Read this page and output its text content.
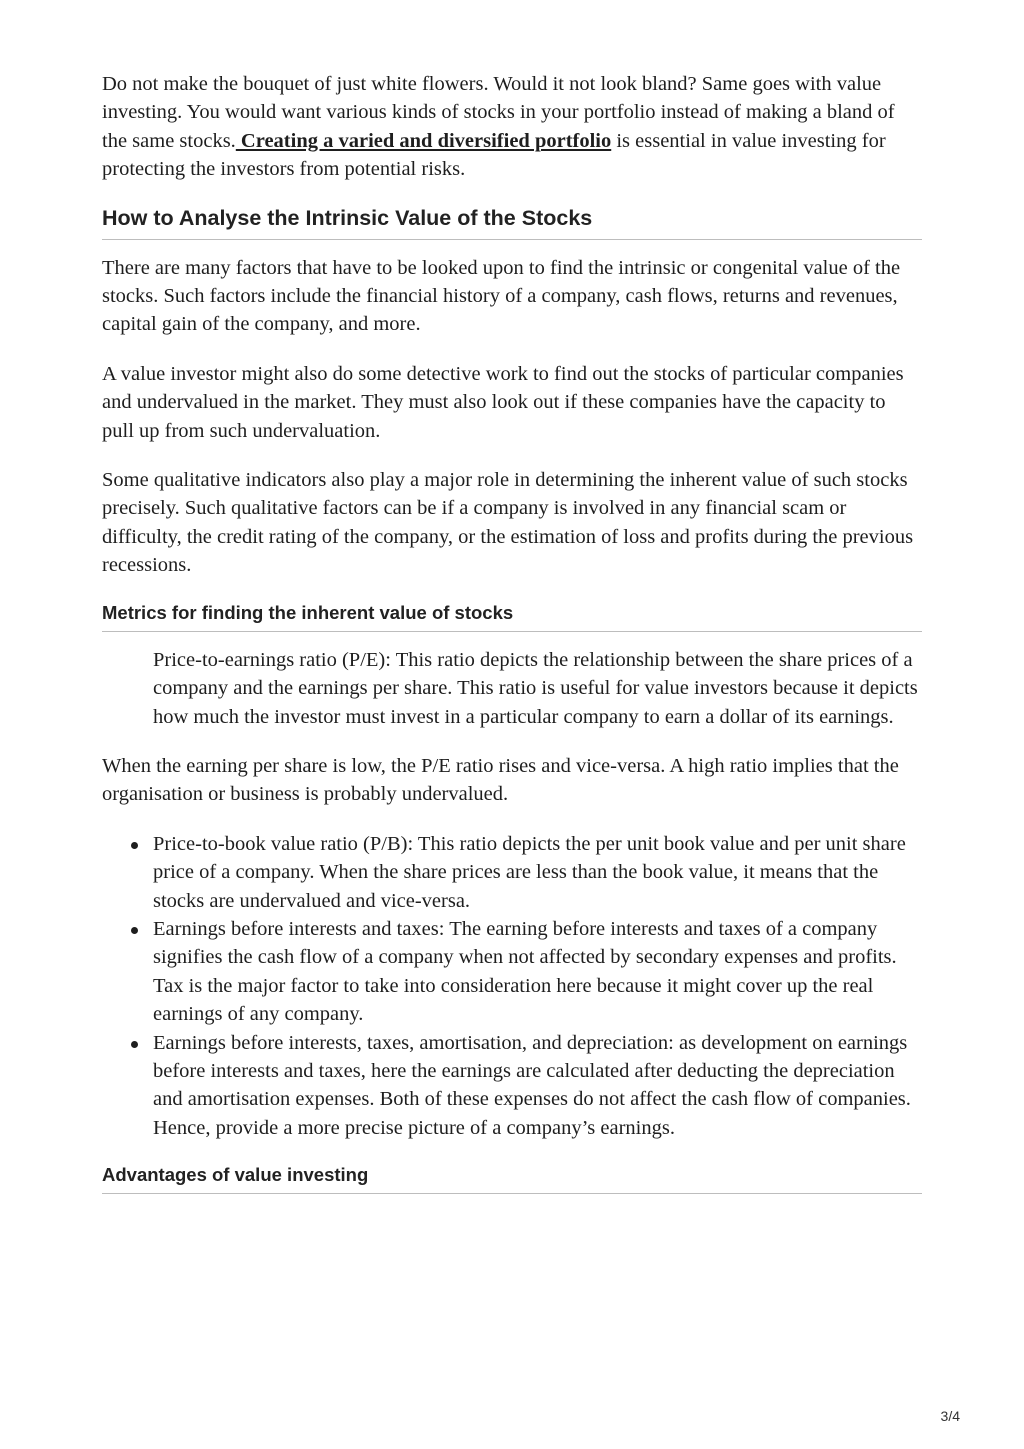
Do not make the bouquet of just white flowers. Would it not look bland? Same goes with value investing. You would want various kinds of stocks in your portfolio instead of making a bland of the same stocks. Creating a varied and diversified portfolio is essential in value investing for protecting the investors from potential risks.

How to Analyse the Intrinsic Value of the Stocks

There are many factors that have to be looked upon to find the intrinsic or congenital value of the stocks. Such factors include the financial history of a company, cash flows, returns and revenues, capital gain of the company, and more.

A value investor might also do some detective work to find out the stocks of particular companies and undervalued in the market. They must also look out if these companies have the capacity to pull up from such undervaluation.

Some qualitative indicators also play a major role in determining the inherent value of such stocks precisely. Such qualitative factors can be if a company is involved in any financial scam or difficulty, the credit rating of the company, or the estimation of loss and profits during the previous recessions.

Metrics for finding the inherent value of stocks

Price-to-earnings ratio (P/E): This ratio depicts the relationship between the share prices of a company and the earnings per share. This ratio is useful for value investors because it depicts how much the investor must invest in a particular company to earn a dollar of its earnings.

When the earning per share is low, the P/E ratio rises and vice-versa. A high ratio implies that the organisation or business is probably undervalued.

Price-to-book value ratio (P/B): This ratio depicts the per unit book value and per unit share price of a company. When the share prices are less than the book value, it means that the stocks are undervalued and vice-versa.
Earnings before interests and taxes: The earning before interests and taxes of a company signifies the cash flow of a company when not affected by secondary expenses and profits. Tax is the major factor to take into consideration here because it might cover up the real earnings of any company.
Earnings before interests, taxes, amortisation, and depreciation: as development on earnings before interests and taxes, here the earnings are calculated after deducting the depreciation and amortisation expenses. Both of these expenses do not affect the cash flow of companies. Hence, provide a more precise picture of a company’s earnings.
Advantages of value investing
3/4
